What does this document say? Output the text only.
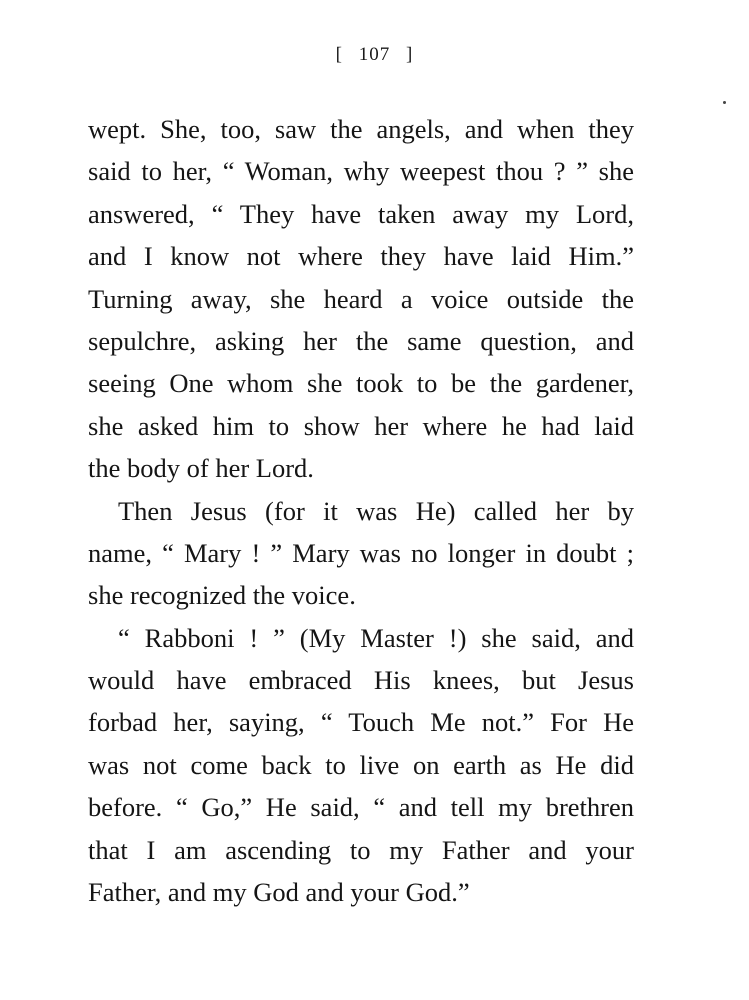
[ 107 ]
wept. She, too, saw the angels, and when they
said to her, “ Woman, why weepest thou ? ” she
answered, “ They have taken away my Lord,
and I know not where they have laid Him.”
Turning away, she heard a voice outside the
sepulchre, asking her the same question, and
seeing One whom she took to be the gardener,
she asked him to show her where he had laid
the body of her Lord.
Then Jesus (for it was He) called her by
name, “ Mary ! ” Mary was no longer in doubt ;
she recognized the voice.
“ Rabboni ! ” (My Master !) she said, and
would have embraced His knees, but Jesus
forbad her, saying, “ Touch Me not.” For He
was not come back to live on earth as He did
before. “ Go,” He said, “ and tell my brethren
that I am ascending to my Father and your
Father, and my God and your God.”
